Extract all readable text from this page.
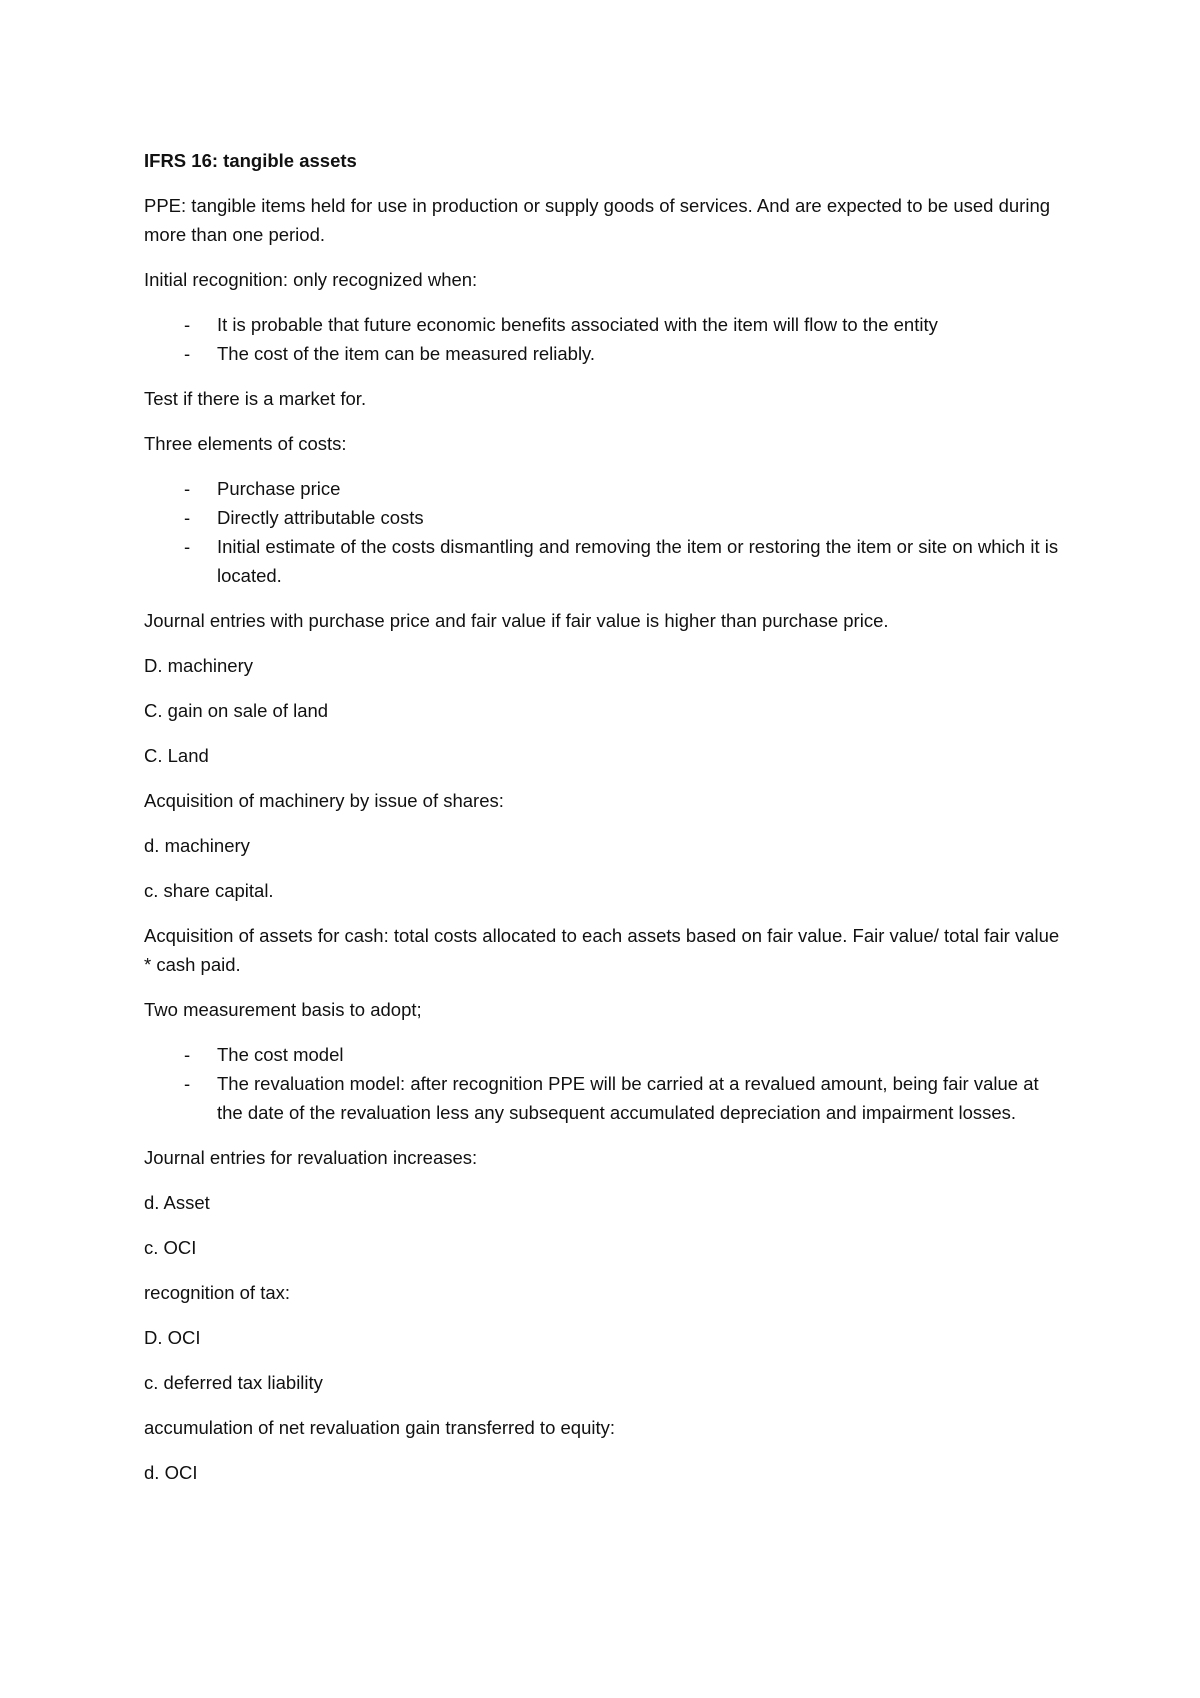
IFRS 16: tangible assets

PPE: tangible items held for use in production or supply goods of services. And are expected to be used during more than one period.

Initial recognition: only recognized when:

- It is probable that future economic benefits associated with the item will flow to the entity
- The cost of the item can be measured reliably.

Test if there is a market for.

Three elements of costs:

- Purchase price
- Directly attributable costs
- Initial estimate of the costs dismantling and removing the item or restoring the item or site on which it is located.

Journal entries with purchase price and fair value if fair value is higher than purchase price.

D. machinery

C. gain on sale of land

C. Land

Acquisition of machinery by issue of shares:

d. machinery

c. share capital.

Acquisition of assets for cash: total costs allocated to each assets based on fair value. Fair value/ total fair value * cash paid.

Two measurement basis to adopt;

- The cost model
- The revaluation model: after recognition PPE will be carried at a revalued amount, being fair value at the date of the revaluation less any subsequent accumulated depreciation and impairment losses.

Journal entries for revaluation increases:

d. Asset

c. OCI

recognition of tax:

D. OCI

c. deferred tax liability

accumulation of net revaluation gain transferred to equity:

d. OCI
